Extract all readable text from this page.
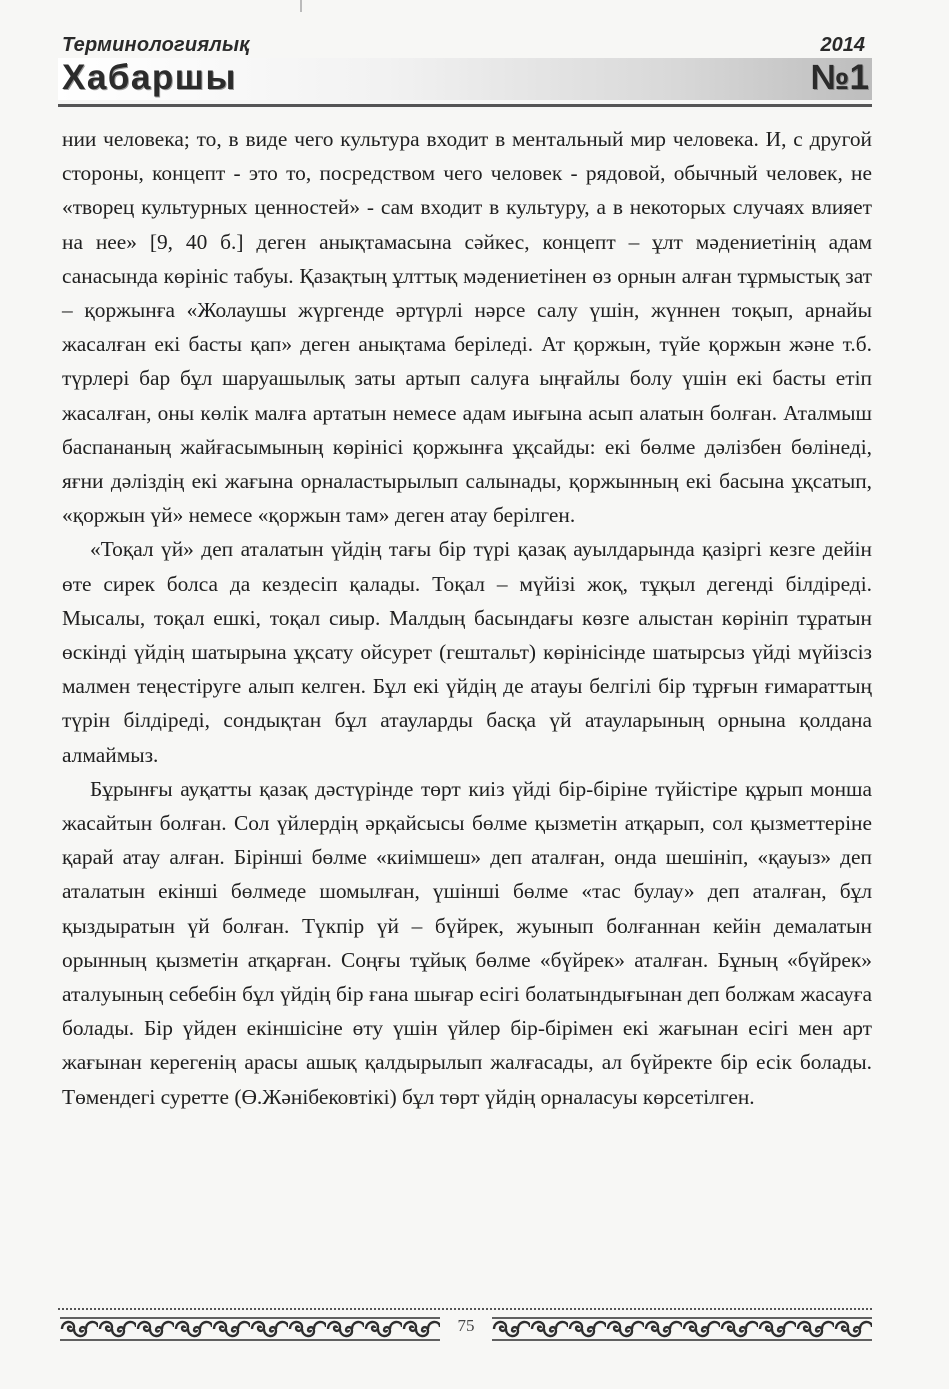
Терминологиялық	2014
Хабаршы	№1

нии человека; то, в виде чего культура входит в ментальный мир человека. И, с другой стороны, концепт - это то, посредством чего человек - рядовой, обычный человек, не «творец культурных ценностей» - сам входит в культуру, а в некоторых случаях влияет на нее» [9, 40 б.] деген анықтамасына сәйкес, концепт – ұлт мәдениетінің адам санасында көрініс табуы. Қазақтың ұлттық мәдениетінен өз орнын алған тұрмыстық зат – қоржынға «Жолаушы жүргенде әртүрлі нәрсе салу үшін, жүннен тоқып, арнайы жасалған екі басты қап» деген анықтама беріледі. Ат қоржын, түйе қоржын және т.б. түрлері бар бұл шаруашылық заты артып салуға ыңғайлы болу үшін екі басты етіп жасалған, оны көлік малға артатын немесе адам иығына асып алатын болған. Аталмыш баспананың жайғасымының көрінісі қоржынға ұқсайды: екі бөлме дәлізбен бөлінеді, яғни дәліздің екі жағына орналастырылып салынады, қоржынның екі басына ұқсатып, «қоржын үй» немесе «қоржын там» деген атау берілген.

«Тоқал үй» деп аталатын үйдің тағы бір түрі қазақ ауылдарында қазіргі кезге дейін өте сирек болса да кездесіп қалады. Тоқал – мүйізі жоқ, тұқыл дегенді білдіреді. Мысалы, тоқал ешкі, тоқал сиыр. Малдың басындағы көзге алыстан көрініп тұратын өскінді үйдің шатырына ұқсату ойсурет (гештальт) көрінісінде шатырсыз үйді мүйізсіз малмен теңестіруге алып келген. Бұл екі үйдің де атауы белгілі бір тұрғын ғимараттың түрін білдіреді, сондықтан бұл атауларды басқа үй атауларының орнына қолдана алмаймыз.

Бұрынғы ауқатты қазақ дәстүрінде төрт киіз үйді бір-біріне түйістіре құрып монша жасайтын болған. Сол үйлердің әрқайсысы бөлме қызметін атқарып, сол қызметтеріне қарай атау алған. Бірінші бөлме «киімшеш» деп аталған, онда шешініп, «қауыз» деп аталатын екінші бөлмеде шомылған, үшінші бөлме «тас булау» деп аталған, бұл қыздыратын үй болған. Түкпір үй – бүйрек, жуынып болғаннан кейін демалатын орынның қызметін атқарған. Соңғы тұйық бөлме «бүйрек» аталған. Бұның «бүйрек» аталуының себебін бұл үйдің бір ғана шығар есігі болатындығынан деп болжам жасауға болады. Бір үйден екіншісіне өту үшін үйлер бір-бірімен екі жағынан есігі мен арт жағынан керегенің арасы ашық қалдырылып жалғасады, ал бүйректе бір есік болады. Төмендегі суретте (Ө.Жәнібековтікі) бұл төрт үйдің орналасуы көрсетілген.

75
